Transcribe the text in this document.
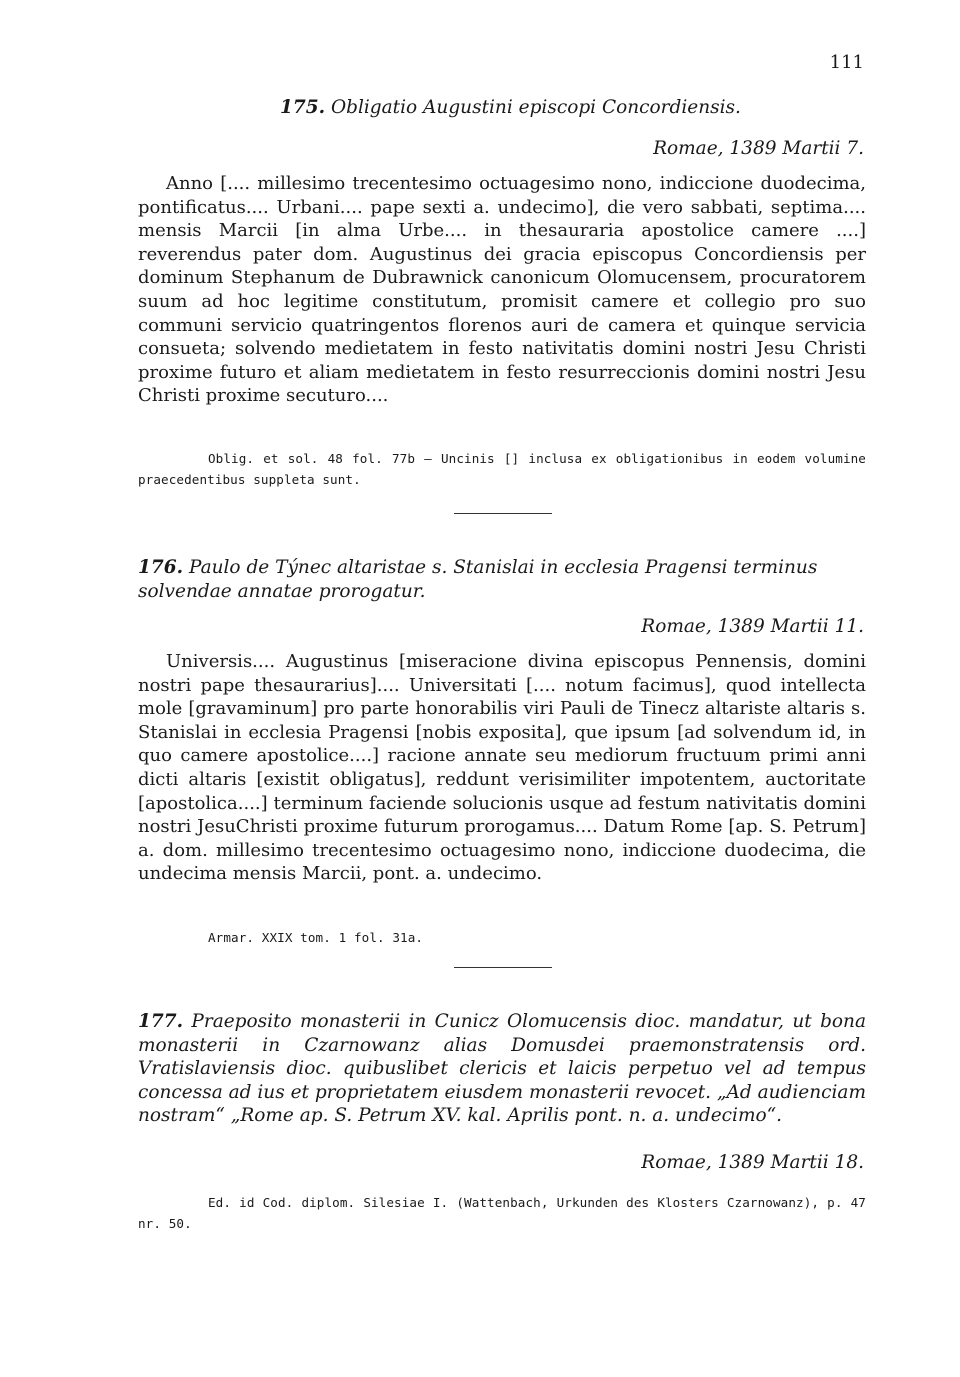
111
175. Obligatio Augustini episcopi Concordiensis.
Romae, 1389 Martii 7.

Anno [.... millesimo trecentesimo octuagesimo nono, indiccione duodecima, pontificatus.... Urbani.... pape sexti a. undecimo], die vero sabbati, septima.... mensis Marcii [in alma Urbe.... in thesauraria apostolice camere ....] reverendus pater dom. Augustinus dei gracia episcopus Concordiensis per dominum Stephanum de Dubrawnick canonicum Olomucensem, procuratorem suum ad hoc legitime constitutum, promisit camere et collegio pro suo communi servicio quatringentos florenos auri de camera et quinque servicia consueta; solvendo medietatem in festo nativitatis domini nostri Jesu Christi proxime futuro et aliam medietatem in festo resurreccionis domini nostri Jesu Christi proxime secuturo....

Oblig. et sol. 48 fol. 77b — Uncinis [] inclusa ex obligationibus in eodem volumine praecedentibus suppleta sunt.

176. Paulo de Týnec altaristae s. Stanislai in ecclesia Pragensi terminus solvendae annatae prorogatur.
Romae, 1389 Martii 11.

Universis.... Augustinus [miseracione divina episcopus Pennensis, domini nostri pape thesaurarius].... Universitati [.... notum facimus], quod intellecta mole [gravaminum] pro parte honorabilis viri Pauli de Tinecz altariste altaris s. Stanislai in ecclesia Pragensi [nobis exposita], que ipsum [ad solvendum id, in quo camere apostolice....] racione annate seu mediorum fructuum primi anni dicti altaris [existit obligatus], reddunt verisimiliter impotentem, auctoritate [apostolica....] terminum faciende solucionis usque ad festum nativitatis domini nostri JesuChristi proxime futurum prorogamus.... Datum Rome [ap. S. Petrum] a. dom. millesimo trecentesimo octuagesimo nono, indiccione duodecima, die undecima mensis Marcii, pont. a. undecimo.

Armar. XXIX tom. 1 fol. 31a.

177. Praeposito monasterii in Cunicz Olomucensis dioc. mandatur, ut bona monasterii in Czarnowanz alias Domusdei praemonstratensis ord. Vratislaviensis dioc. quibuslibet clericis et laicis perpetuo vel ad tempus concessa ad ius et proprietatem eiusdem monasterii revocet. „Ad audienciam nostram“ „Rome ap. S. Petrum XV. kal. Aprilis pont. n. a. undecimo“.
Romae, 1389 Martii 18.

Ed. id Cod. diplom. Silesiae I. (Wattenbach, Urkunden des Klosters Czarnowanz), p. 47 nr. 50.
